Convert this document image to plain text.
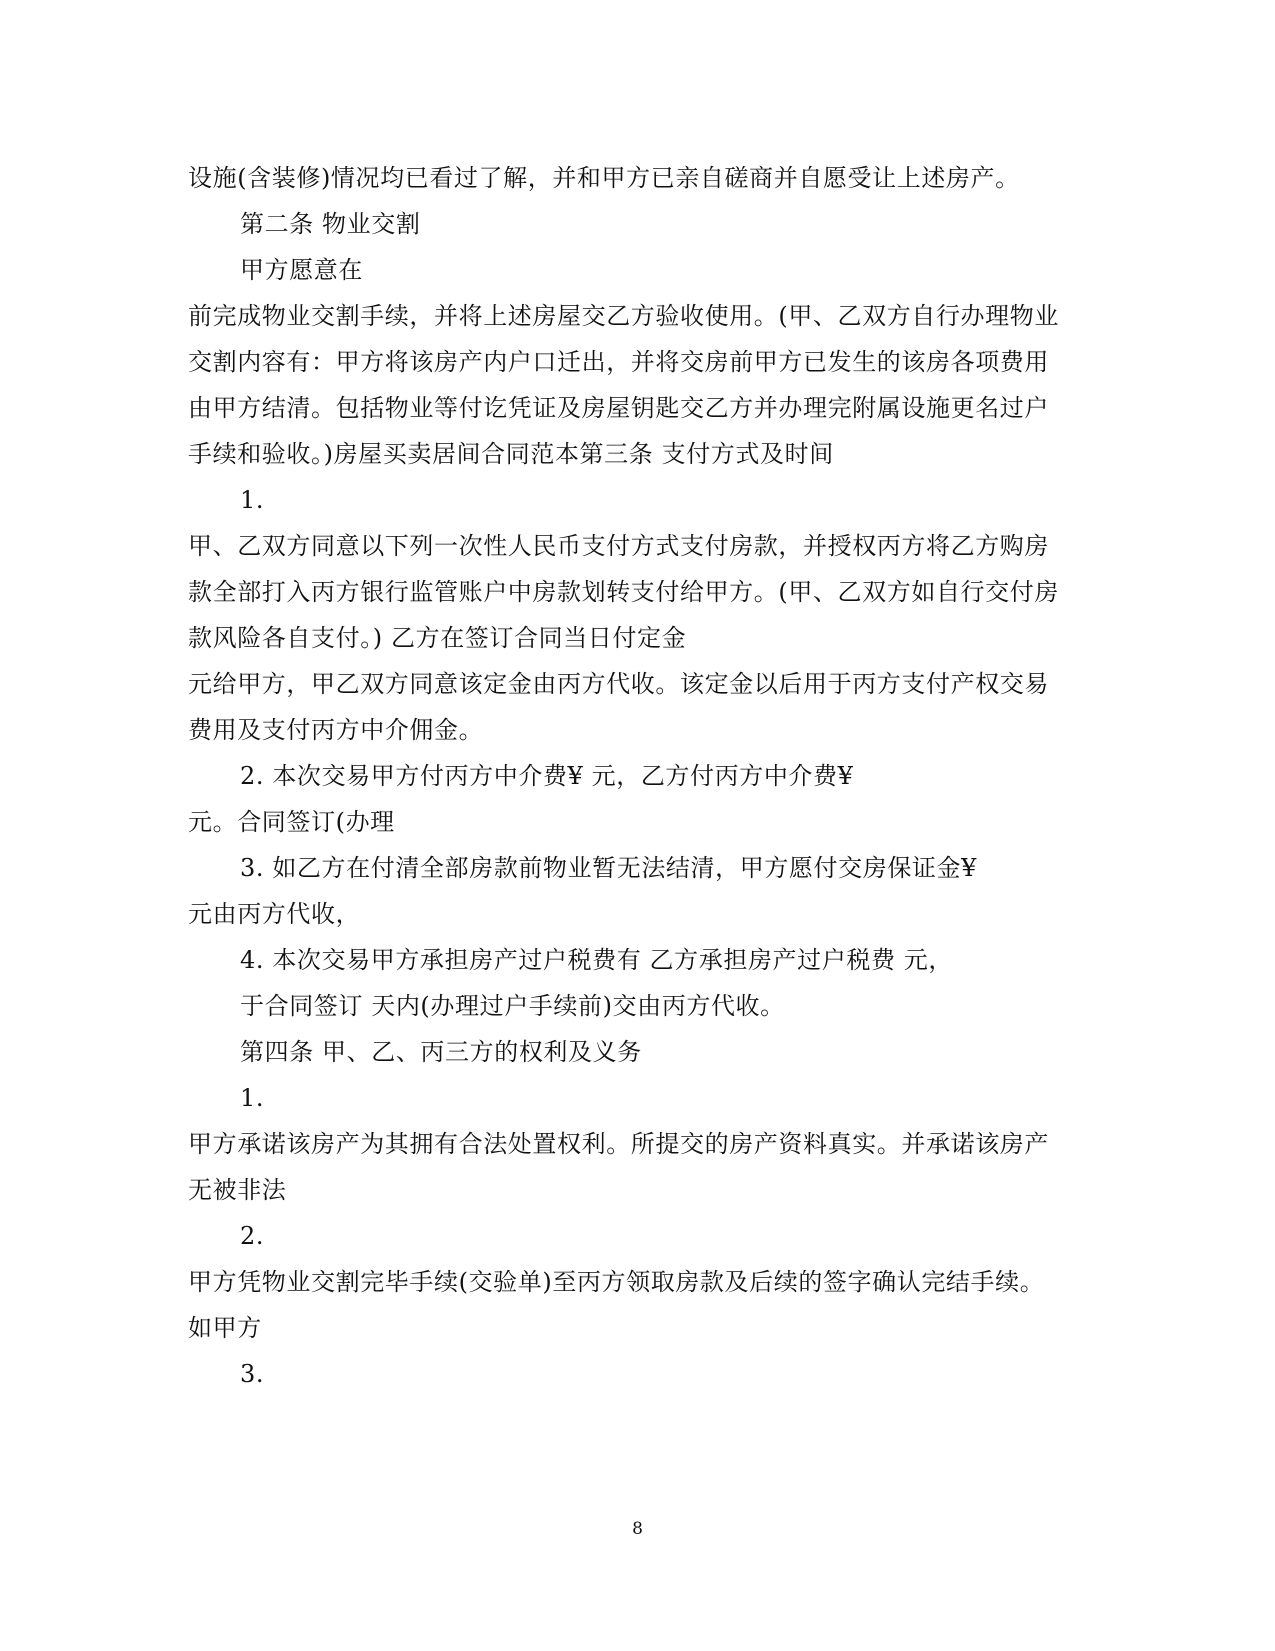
设施(含装修)情况均已看过了解，并和甲方已亲自磋商并自愿受让上述房产。
第二条 物业交割
甲方愿意在
前完成物业交割手续，并将上述房屋交乙方验收使用。(甲、乙双方自行办理物业
交割内容有：甲方将该房产内户口迁出，并将交房前甲方已发生的该房各项费用
由甲方结清。包括物业等付讫凭证及房屋钥匙交乙方并办理完附属设施更名过户
手续和验收。)房屋买卖居间合同范本第三条 支付方式及时间
1.
甲、乙双方同意以下列一次性人民币支付方式支付房款，并授权丙方将乙方购房
款全部打入丙方银行监管账户中房款划转支付给甲方。(甲、乙双方如自行交付房
款风险各自支付。) 乙方在签订合同当日付定金
元给甲方，甲乙双方同意该定金由丙方代收。该定金以后用于丙方支付产权交易
费用及支付丙方中介佣金。
2. 本次交易甲方付丙方中介费¥ 元，乙方付丙方中介费¥
元。合同签订(办理
3. 如乙方在付清全部房款前物业暂无法结清，甲方愿付交房保证金¥
元由丙方代收，
4. 本次交易甲方承担房产过户税费有 乙方承担房产过户税费 元，
于合同签订 天内(办理过户手续前)交由丙方代收。
第四条 甲、乙、丙三方的权利及义务
1.
甲方承诺该房产为其拥有合法处置权利。所提交的房产资料真实。并承诺该房产
无被非法
2.
甲方凭物业交割完毕手续(交验单)至丙方领取房款及后续的签字确认完结手续。
如甲方
3.
8
